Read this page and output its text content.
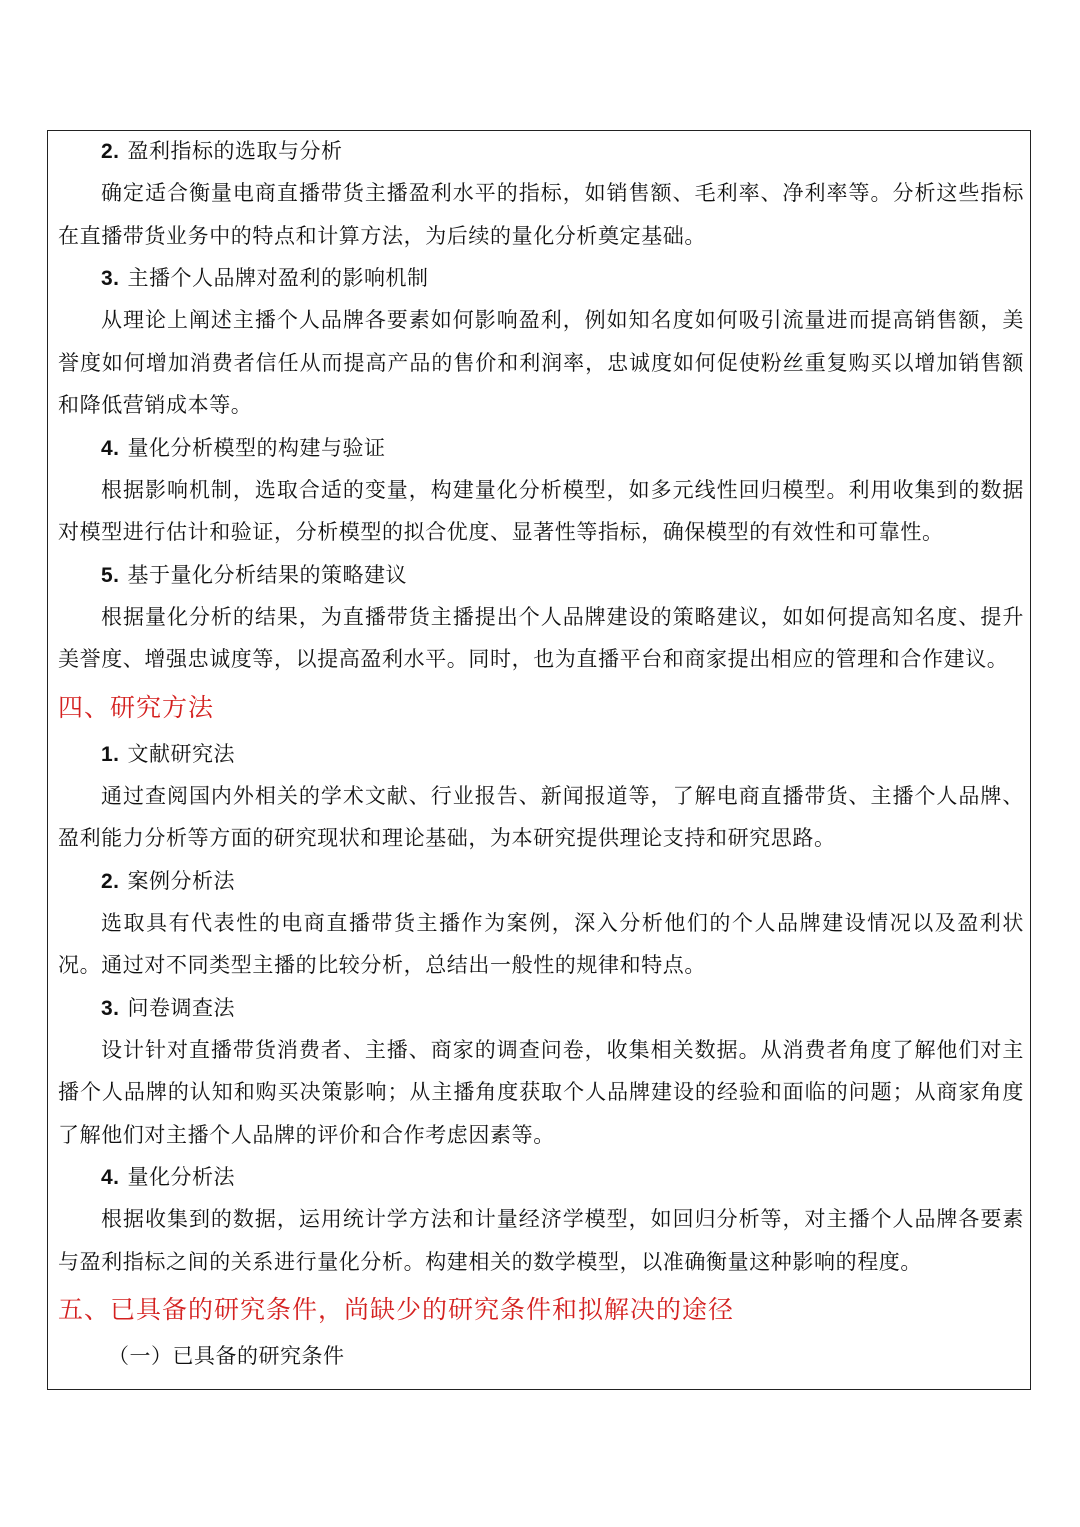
2. 盈利指标的选取与分析
确定适合衡量电商直播带货主播盈利水平的指标，如销售额、毛利率、净利率等。分析这些指标在直播带货业务中的特点和计算方法，为后续的量化分析奠定基础。
3. 主播个人品牌对盈利的影响机制
从理论上阐述主播个人品牌各要素如何影响盈利，例如知名度如何吸引流量进而提高销售额，美誉度如何增加消费者信任从而提高产品的售价和利润率，忠诚度如何促使粉丝重复购买以增加销售额和降低营销成本等。
4. 量化分析模型的构建与验证
根据影响机制，选取合适的变量，构建量化分析模型，如多元线性回归模型。利用收集到的数据对模型进行估计和验证，分析模型的拟合优度、显著性等指标，确保模型的有效性和可靠性。
5. 基于量化分析结果的策略建议
根据量化分析的结果，为直播带货主播提出个人品牌建设的策略建议，如如何提高知名度、提升美誉度、增强忠诚度等，以提高盈利水平。同时，也为直播平台和商家提出相应的管理和合作建议。
四、研究方法
1. 文献研究法
通过查阅国内外相关的学术文献、行业报告、新闻报道等，了解电商直播带货、主播个人品牌、盈利能力分析等方面的研究现状和理论基础，为本研究提供理论支持和研究思路。
2. 案例分析法
选取具有代表性的电商直播带货主播作为案例，深入分析他们的个人品牌建设情况以及盈利状况。通过对不同类型主播的比较分析，总结出一般性的规律和特点。
3. 问卷调查法
设计针对直播带货消费者、主播、商家的调查问卷，收集相关数据。从消费者角度了解他们对主播个人品牌的认知和购买决策影响；从主播角度获取个人品牌建设的经验和面临的问题；从商家角度了解他们对主播个人品牌的评价和合作考虑因素等。
4. 量化分析法
根据收集到的数据，运用统计学方法和计量经济学模型，如回归分析等，对主播个人品牌各要素与盈利指标之间的关系进行量化分析。构建相关的数学模型，以准确衡量这种影响的程度。
五、已具备的研究条件，尚缺少的研究条件和拟解决的途径
（一）已具备的研究条件
